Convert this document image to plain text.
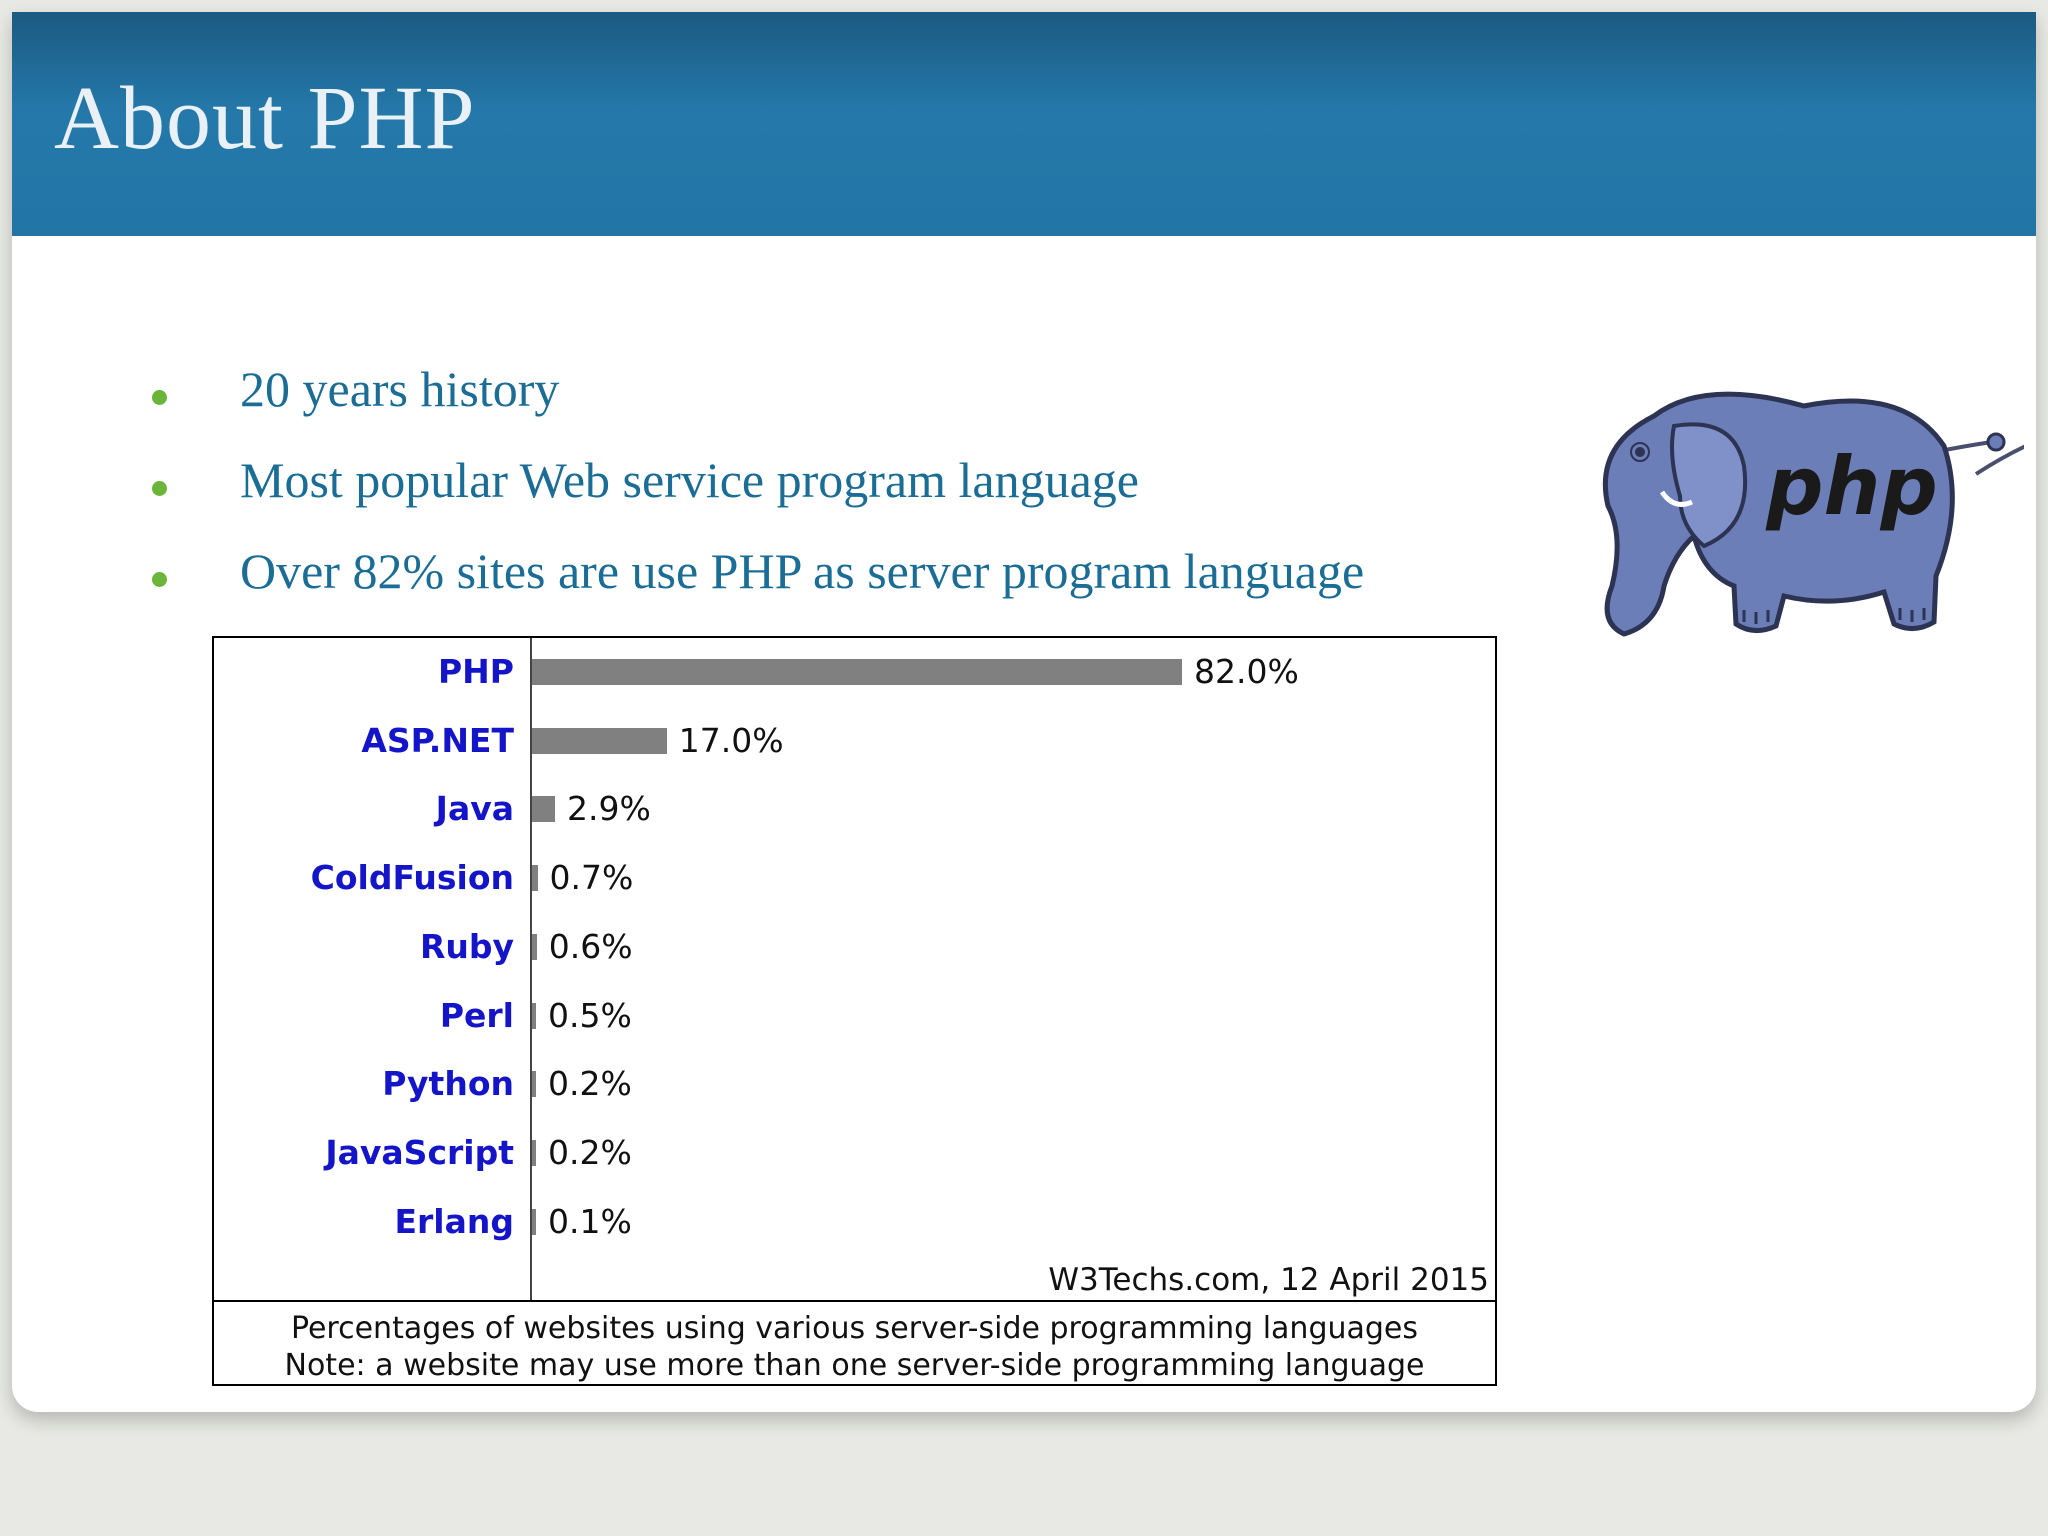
About PHP
20 years history
Most popular Web service program language
Over 82% sites are use PHP as server program language
php
W3Techs.com, 12 April 2015
Percentages of websites using various server-side programming languages
Note: a website may use more than one server-side programming language
PHP	82.0%
ASP.NET	17.0%
Java 2.9%
ColdFusion 0.7%
Ruby 0.6%
Perl 0.5%
Python 0.2%
JavaScript 0.2%
Erlang 0.1%
